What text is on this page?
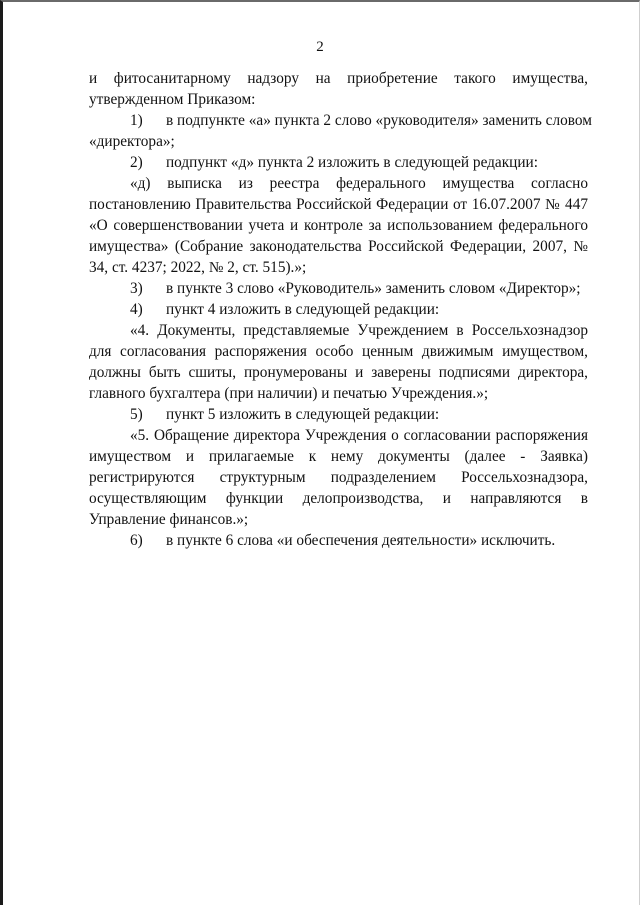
2

и фитосанитарному надзору на приобретение такого имущества, утвержденном Приказом:

1) в подпункте «а» пункта 2 слово «руководителя» заменить словом

«директора»;

2) подпункт «д» пункта 2 изложить в следующей редакции:

«д) выписка из реестра федерального имущества согласно постановлению Правительства Российской Федерации от 16.07.2007 № 447 «О совершенствовании учета и контроле за использованием федерального имущества» (Собрание законодательства Российской Федерации, 2007, № 34, ст. 4237; 2022, № 2, ст. 515).»;

3) в пункте 3 слово «Руководитель» заменить словом «Директор»;

4) пункт 4 изложить в следующей редакции:

«4. Документы, представляемые Учреждением в Россельхознадзор для согласования распоряжения особо ценным движимым имуществом, должны быть сшиты, пронумерованы и заверены подписями директора, главного бухгалтера (при наличии) и печатью Учреждения.»;

5) пункт 5 изложить в следующей редакции:

«5. Обращение директора Учреждения о согласовании распоряжения имуществом и прилагаемые к нему документы (далее - Заявка) регистрируются структурным подразделением Россельхознадзора, осуществляющим функции делопроизводства, и направляются в Управление финансов.»;

6) в пункте 6 слова «и обеспечения деятельности» исключить.
